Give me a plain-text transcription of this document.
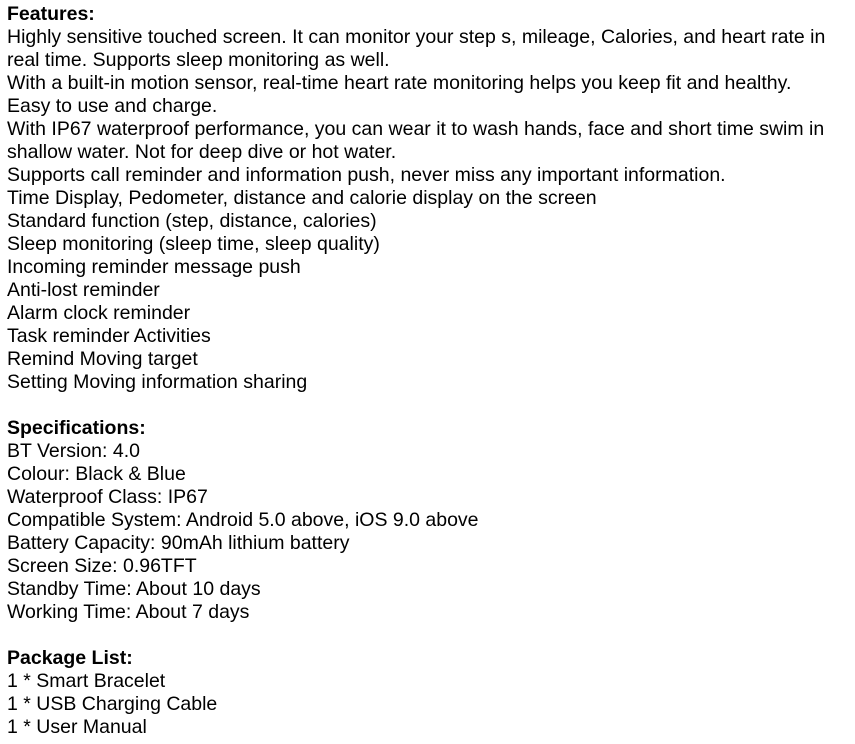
Features:
Highly sensitive touched screen. It can monitor your step s, mileage, Calories, and heart rate in
real time. Supports sleep monitoring as well.
With a built-in motion sensor, real-time heart rate monitoring helps you keep fit and healthy.
Easy to use and charge.
With IP67 waterproof performance, you can wear it to wash hands, face and short time swim in
shallow water. Not for deep dive or hot water.
Supports call reminder and information push, never miss any important information.
Time Display, Pedometer, distance and calorie display on the screen
Standard function (step, distance, calories)
Sleep monitoring (sleep time, sleep quality)
Incoming reminder message push
Anti-lost reminder
Alarm clock reminder
Task reminder Activities
Remind Moving target
Setting Moving information sharing
Specifications:
BT Version: 4.0
Colour: Black & Blue
Waterproof Class: IP67
Compatible System: Android 5.0 above, iOS 9.0 above
Battery Capacity: 90mAh lithium battery
Screen Size: 0.96TFT
Standby Time: About 10 days
Working Time: About 7 days
Package List:
1 * Smart Bracelet
1 * USB Charging Cable
1 * User Manual
